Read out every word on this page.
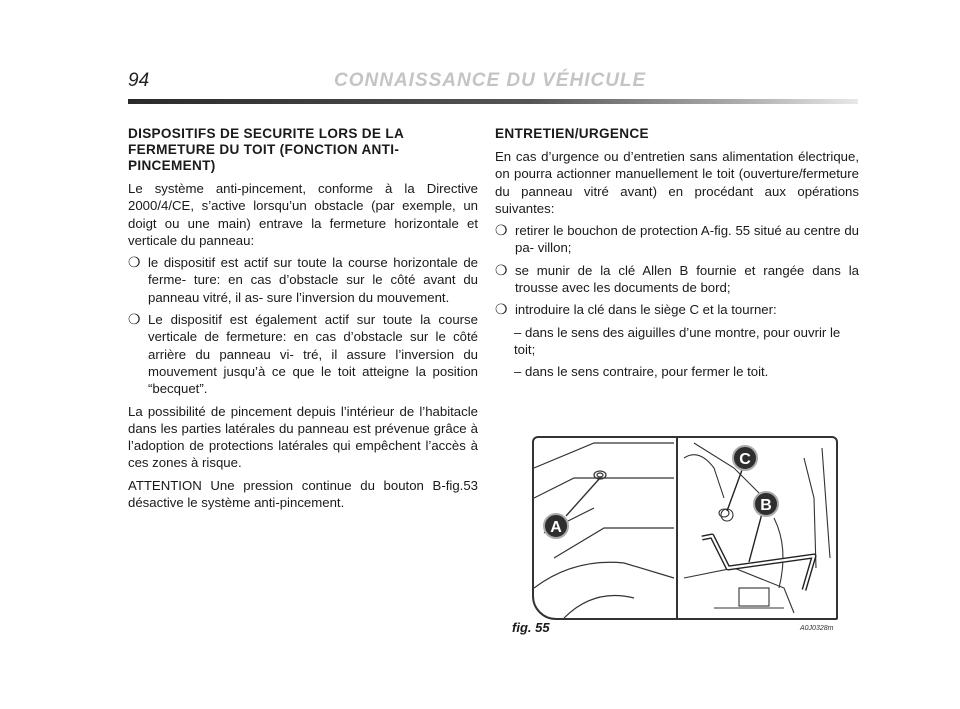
94	CONNAISSANCE DU VÉHICULE
DISPOSITIFS DE SECURITE LORS DE LA FERMETURE DU TOIT (FONCTION ANTI-PINCEMENT)
Le système anti-pincement, conforme à la Directive 2000/4/CE, s’active lorsqu’un obstacle (par exemple, un doigt ou une main) entrave la fermeture horizontale et verticale du panneau:
❍ le dispositif est actif sur toute la course horizontale de ferme- ture: en cas d’obstacle sur le côté avant du panneau vitré, il as- sure l’inversion du mouvement.
❍ Le dispositif est également actif sur toute la course verticale de fermeture: en cas d’obstacle sur le côté arrière du panneau vi- tré, il assure l’inversion du mouvement jusqu’à ce que le toit atteigne la position “becquet”.
La possibilité de pincement depuis l’intérieur de l’habitacle dans les parties latérales du panneau est prévenue grâce à l’adoption de protections latérales qui empêchent l’accès à ces zones à risque.
ATTENTION Une pression continue du bouton B-fig.53 désactive le système anti-pincement.
ENTRETIEN/URGENCE
En cas d’urgence ou d’entretien sans alimentation électrique, on pourra actionner manuellement le toit (ouverture/fermeture du panneau vitré avant) en procédant aux opérations suivantes:
❍ retirer le bouchon de protection A-fig. 55 situé au centre du pa- villon;
❍ se munir de la clé Allen B fournie et rangée dans la trousse avec les documents de bord;
❍ introduire la clé dans le siège C et la tourner:
– dans le sens des aiguilles d’une montre, pour ouvrir le toit;
– dans le sens contraire, pour fermer le toit.
A
C
B
fig. 55	A0J0328m
